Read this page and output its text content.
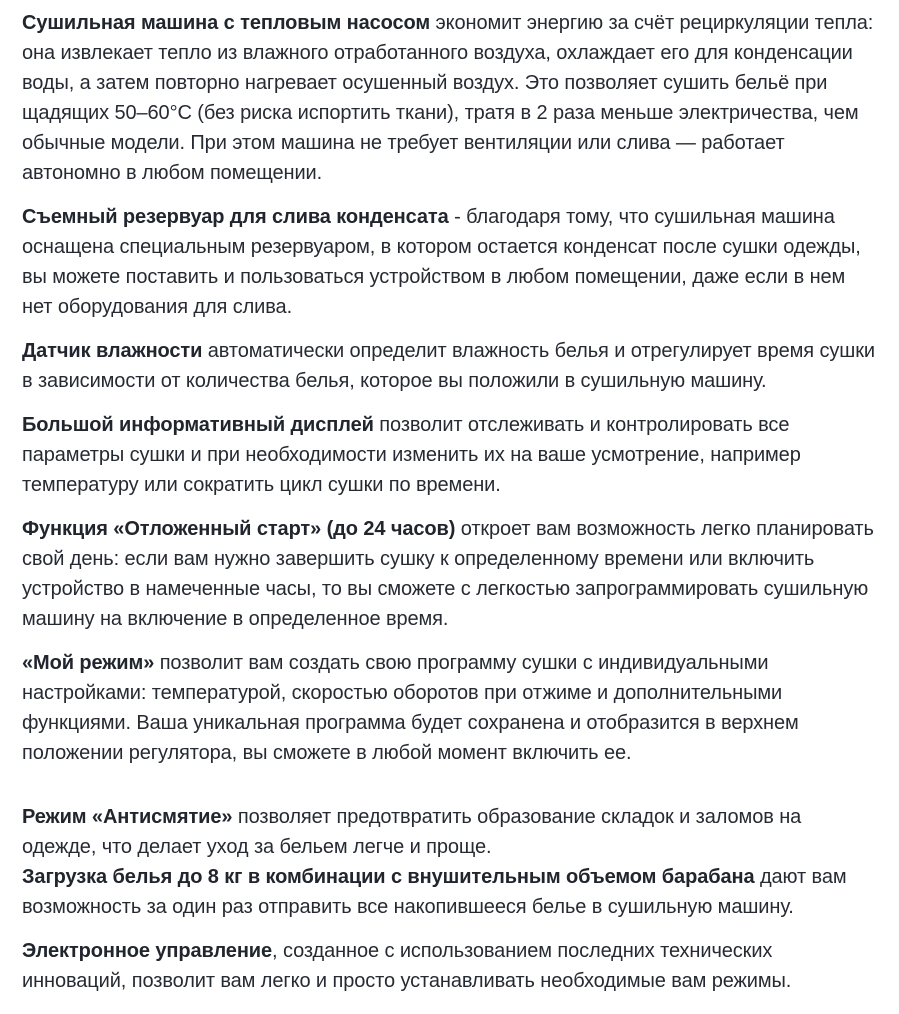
Сушильная машина с тепловым насосом экономит энергию за счёт рециркуляции тепла: она извлекает тепло из влажного отработанного воздуха, охлаждает его для конденсации воды, а затем повторно нагревает осушенный воздух. Это позволяет сушить бельё при щадящих 50–60°C (без риска испортить ткани), тратя в 2 раза меньше электричества, чем обычные модели. При этом машина не требует вентиляции или слива — работает автономно в любом помещении.

Съемный резервуар для слива конденсата - благодаря тому, что сушильная машина оснащена специальным резервуаром, в котором остается конденсат после сушки одежды, вы можете поставить и пользоваться устройством в любом помещении, даже если в нем нет оборудования для слива.

Датчик влажности автоматически определит влажность белья и отрегулирует время сушки в зависимости от количества белья, которое вы положили в сушильную машину.

Большой информативный дисплей позволит отслеживать и контролировать все параметры сушки и при необходимости изменить их на ваше усмотрение, например температуру или сократить цикл сушки по времени.

Функция «Отложенный старт» (до 24 часов) откроет вам возможность легко планировать свой день: если вам нужно завершить сушку к определенному времени или включить устройство в намеченные часы, то вы сможете с легкостью запрограммировать сушильную машину на включение в определенное время.

«Мой режим» позволит вам создать свою программу сушки с индивидуальными настройками: температурой, скоростью оборотов при отжиме и дополнительными функциями. Ваша уникальная программа будет сохранена и отобразится в верхнем положении регулятора, вы сможете в любой момент включить ее.

Режим «Антисмятие» позволяет предотвратить образование складок и заломов на одежде, что делает уход за бельем легче и проще.

Загрузка белья до 8 кг в комбинации с внушительным объемом барабана дают вам возможность за один раз отправить все накопившееся белье в сушильную машину.

Электронное управление, созданное с использованием последних технических инноваций, позволит вам легко и просто устанавливать необходимые вам режимы.
